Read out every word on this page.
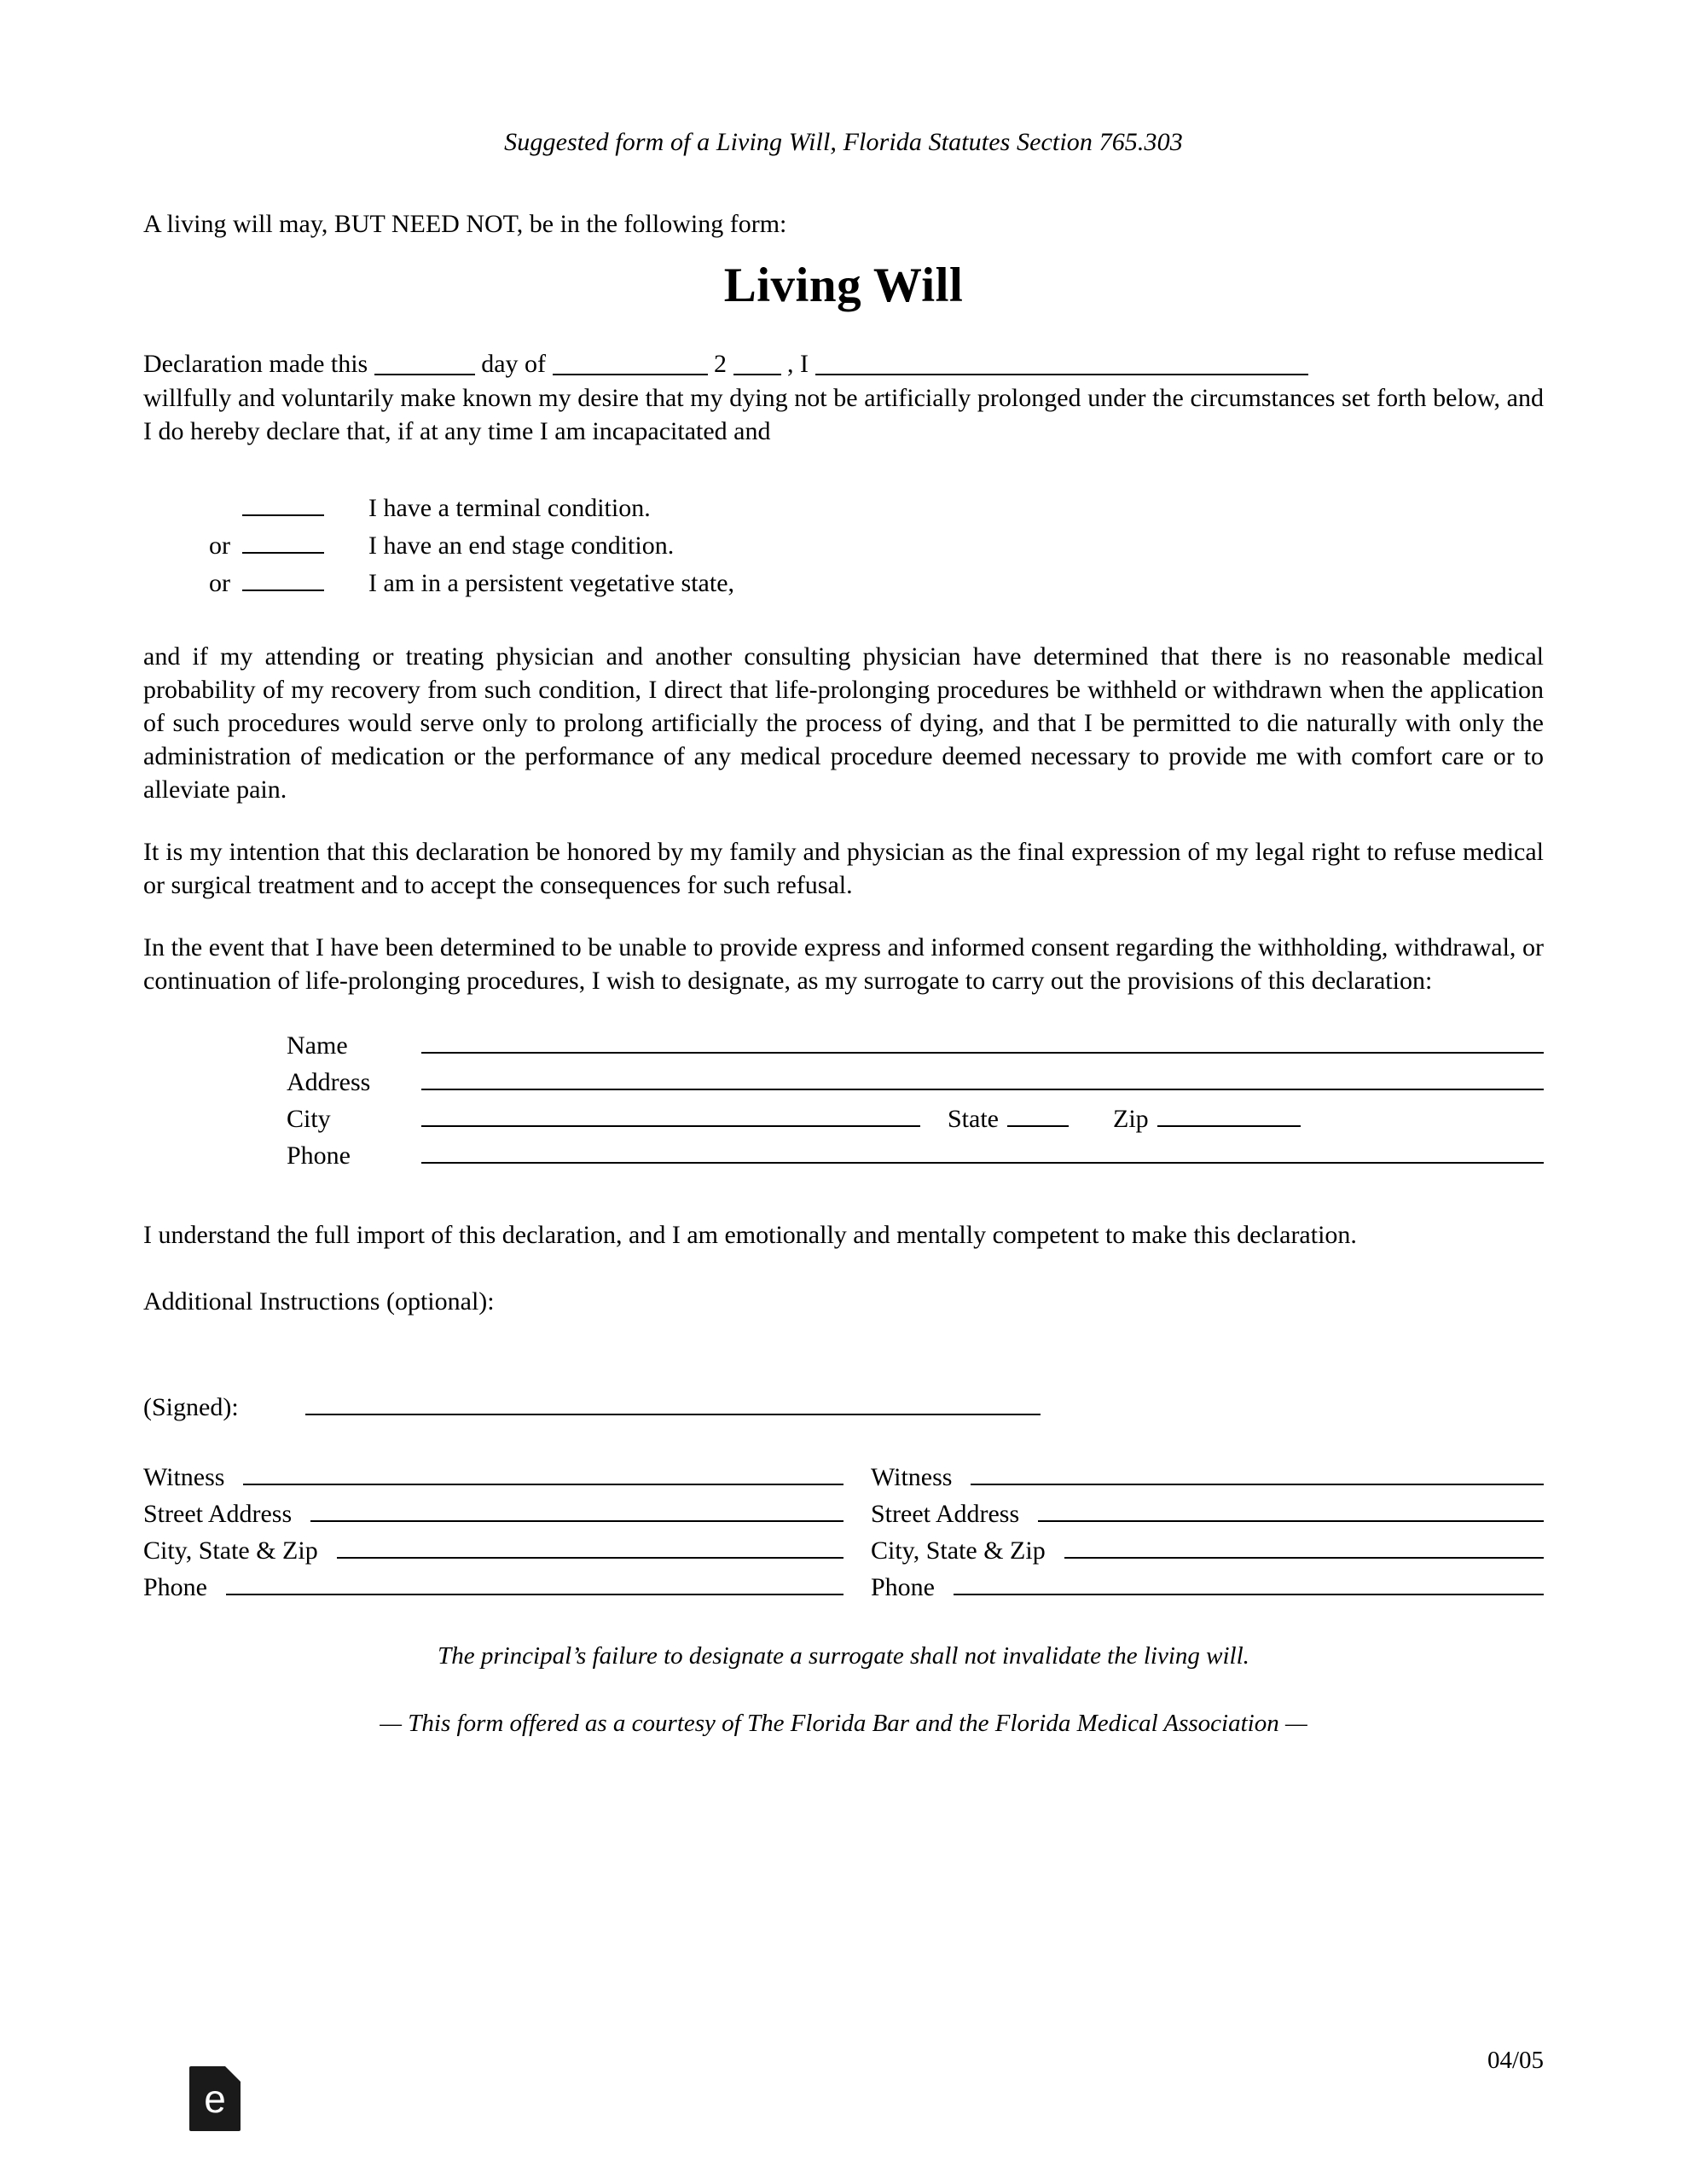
Suggested form of a Living Will, Florida Statutes Section 765.303
A living will may, BUT NEED NOT, be in the following form:
Living Will
Declaration made this	day of	2 , I
willfully and voluntarily make known my desire that my dying not be artificially prolonged under the circumstances set forth below, and I do hereby declare that, if at any time I am incapacitated and
I have a terminal condition.
or	I have an end stage condition.
or	I am in a persistent vegetative state,
and if my attending or treating physician and another consulting physician have determined that there is no reasonable medical probability of my recovery from such condition, I direct that life-prolonging procedures be withheld or withdrawn when the application of such procedures would serve only to prolong artificially the process of dying, and that I be permitted to die naturally with only the administration of medication or the performance of any medical procedure deemed necessary to provide me with comfort care or to alleviate pain.
It is my intention that this declaration be honored by my family and physician as the final expression of my legal right to refuse medical or surgical treatment and to accept the consequences for such refusal.
In the event that I have been determined to be unable to provide express and informed consent regarding the withholding, withdrawal, or continuation of life-prolonging procedures, I wish to designate, as my surrogate to carry out the provisions of this declaration:
Name
Address
City	State	Zip
Phone
I understand the full import of this declaration, and I am emotionally and mentally competent to make this declaration.
Additional Instructions (optional):
(Signed):
Witness
Street Address
City, State & Zip
Phone
Witness
Street Address
City, State & Zip
Phone
The principal’s failure to designate a surrogate shall not invalidate the living will.
— This form offered as a courtesy of The Florida Bar and the Florida Medical Association —
04/05
e
